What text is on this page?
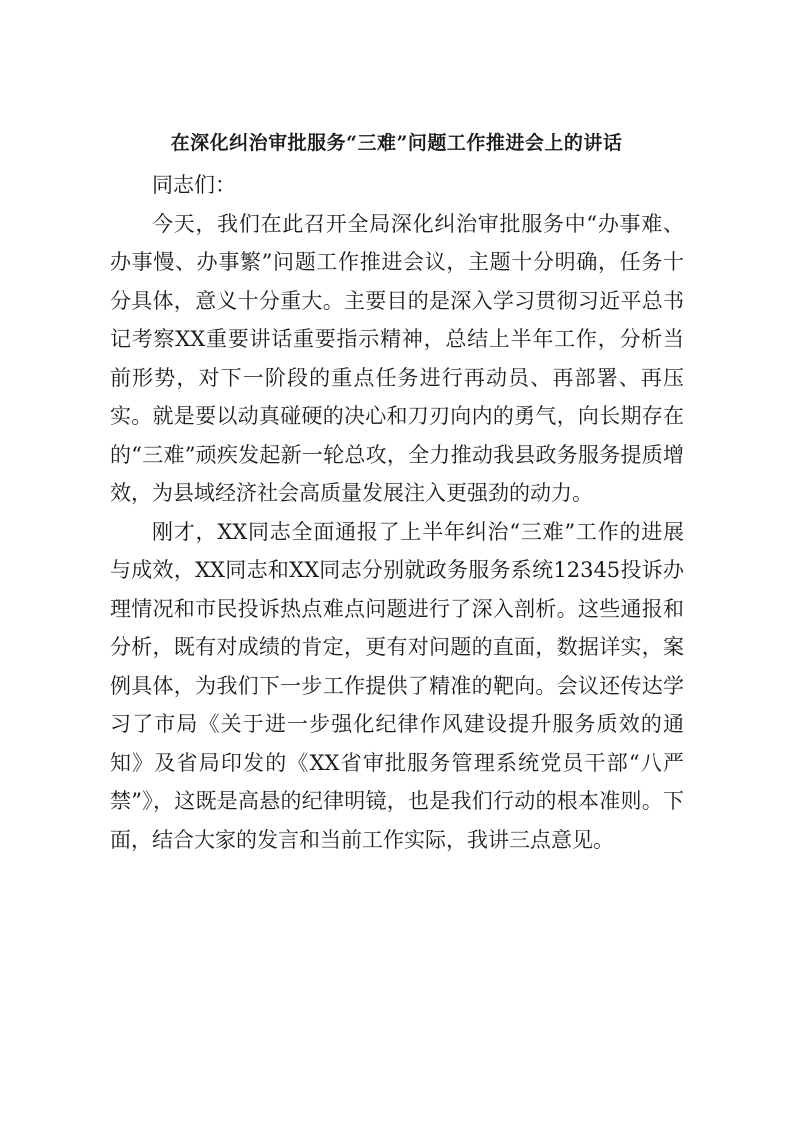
在深化纠治审批服务“三难”问题工作推进会上的讲话

同志们：

今天，我们在此召开全局深化纠治审批服务中“办事难、办事慢、办事繁”问题工作推进会议，主题十分明确，任务十分具体，意义十分重大。主要目的是深入学习贯彻习近平总书记考察XX重要讲话重要指示精神，总结上半年工作，分析当前形势，对下一阶段的重点任务进行再动员、再部署、再压实。就是要以动真碰硬的决心和刀刃向内的勇气，向长期存在的“三难”顽疾发起新一轮总攻，全力推动我县政务服务提质增效，为县域经济社会高质量发展注入更强劲的动力。

刚才，XX同志全面通报了上半年纠治“三难”工作的进展与成效，XX同志和XX同志分别就政务服务系统12345投诉办理情况和市民投诉热点难点问题进行了深入剖析。这些通报和分析，既有对成绩的肯定，更有对问题的直面，数据详实，案例具体，为我们下一步工作提供了精准的靶向。会议还传达学习了市局《关于进一步强化纪律作风建设提升服务质效的通知》及省局印发的《XX省审批服务管理系统党员干部“八严禁”》，这既是高悬的纪律明镜，也是我们行动的根本准则。下面，结合大家的发言和当前工作实际，我讲三点意见。
